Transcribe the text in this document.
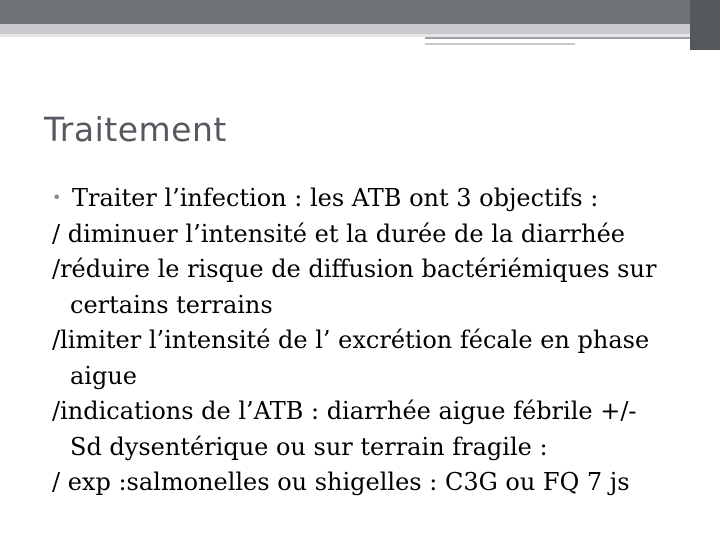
Traitement
• Traiter l’infection : les ATB ont 3 objectifs :
/ diminuer l’intensité et la durée de la diarrhée
/réduire le risque de diffusion bactériémiques sur
certains terrains
/limiter l’intensité de l’ excrétion fécale en phase
aigue
/indications de l’ATB : diarrhée aigue fébrile +/-
Sd dysentérique ou sur terrain fragile :
/ exp :salmonelles ou shigelles : C3G ou FQ 7 js
